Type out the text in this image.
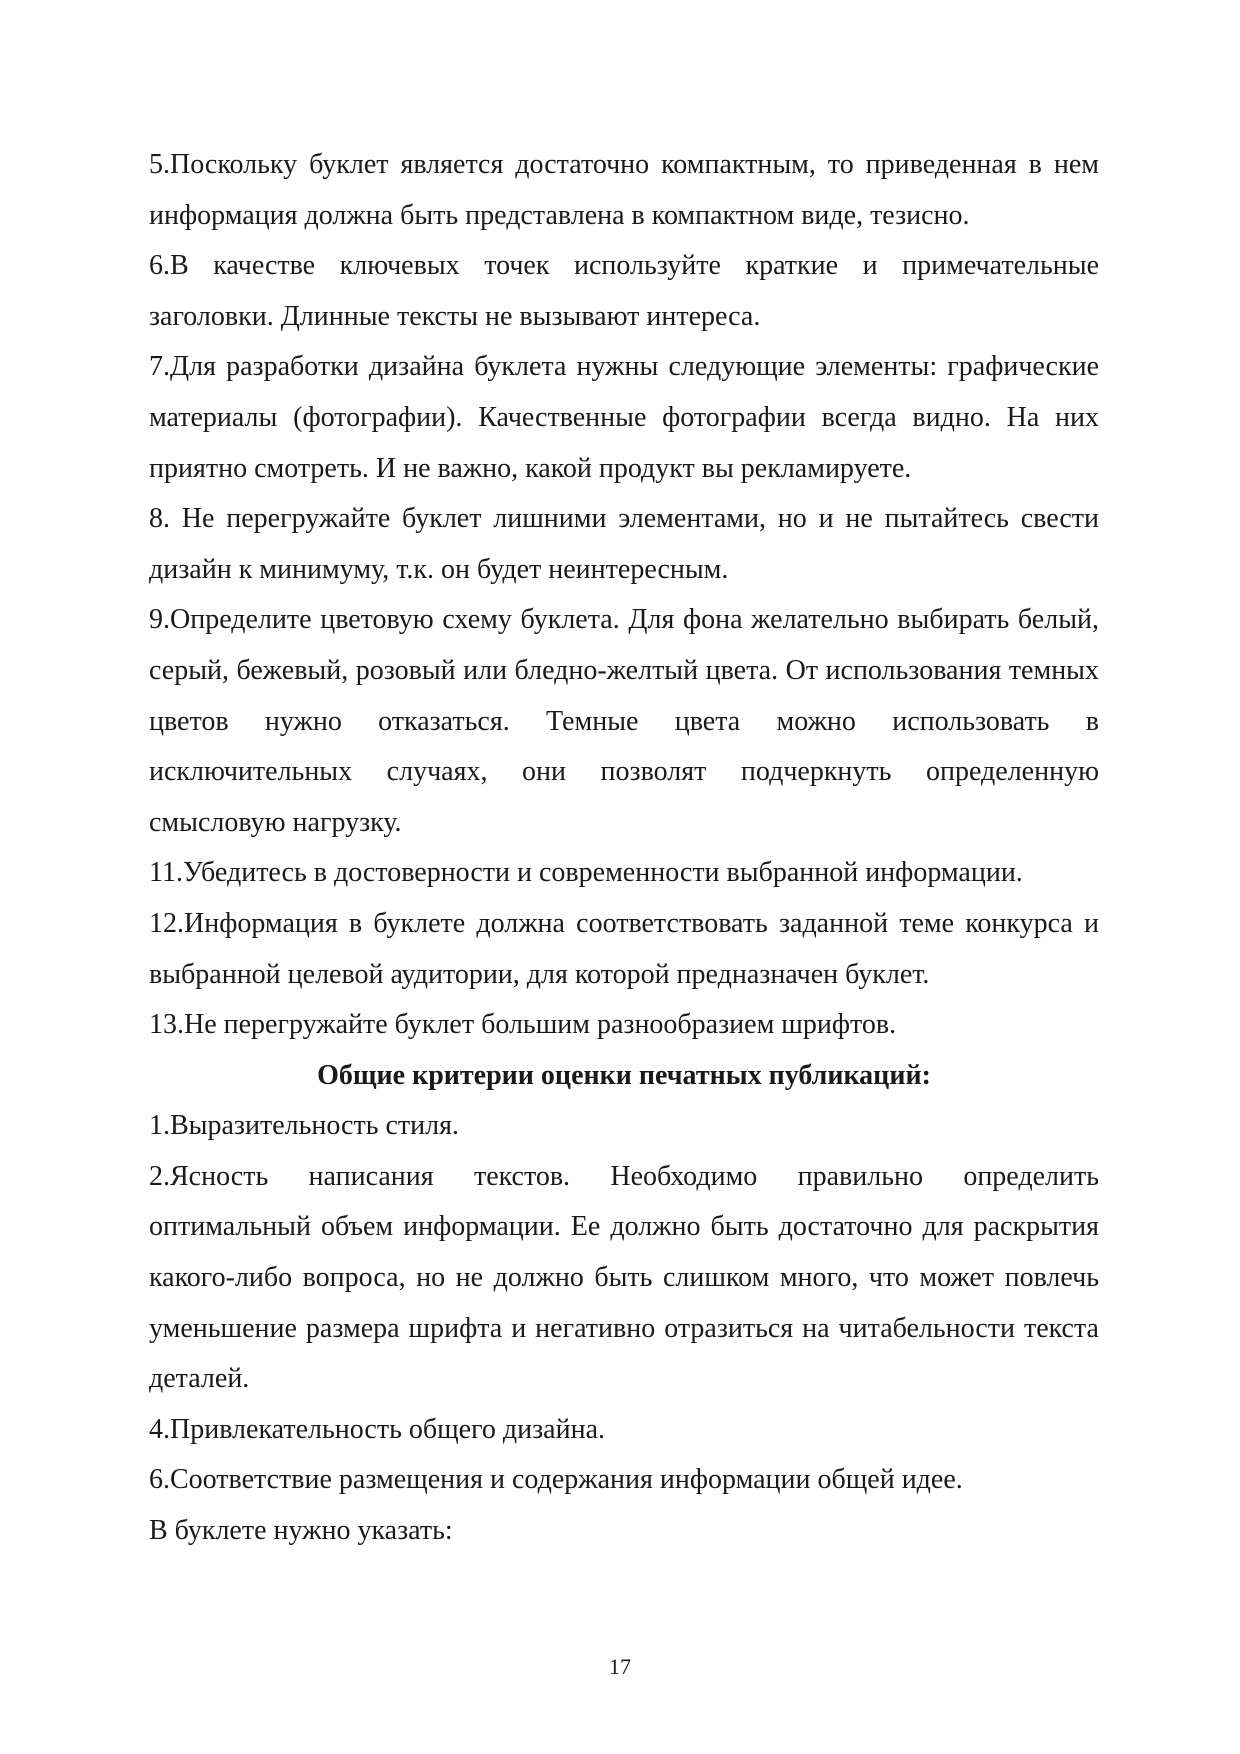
5.Поскольку буклет является достаточно компактным, то приведенная в нем информация должна быть представлена в компактном виде, тезисно.

6.В качестве ключевых точек используйте краткие и примечательные заголовки. Длинные тексты не вызывают интереса.

7.Для разработки дизайна буклета нужны следующие элементы: графические материалы (фотографии). Качественные фотографии всегда видно. На них приятно смотреть. И не важно, какой продукт вы рекламируете.

8. Не перегружайте буклет лишними элементами, но и не пытайтесь свести дизайн к минимуму, т.к. он будет неинтересным.

9.Определите цветовую схему буклета. Для фона желательно выбирать белый, серый, бежевый, розовый или бледно-желтый цвета. От использования темных цветов нужно отказаться. Темные цвета можно использовать в исключительных случаях, они позволят подчеркнуть определенную смысловую нагрузку.

11.Убедитесь в достоверности и современности выбранной информации.

12.Информация в буклете должна соответствовать заданной теме конкурса и выбранной целевой аудитории, для которой предназначен буклет.

13.Не перегружайте буклет большим разнообразием шрифтов.

Общие критерии оценки печатных публикаций:

1.Выразительность стиля.

2.Ясность написания текстов. Необходимо правильно определить оптимальный объем информации. Ее должно быть достаточно для раскрытия какого-либо вопроса, но не должно быть слишком много, что может повлечь уменьшение размера шрифта и негативно отразиться на читабельности текста деталей.

4.Привлекательность общего дизайна.

6.Соответствие размещения и содержания информации общей идее.

В буклете нужно указать:

17
